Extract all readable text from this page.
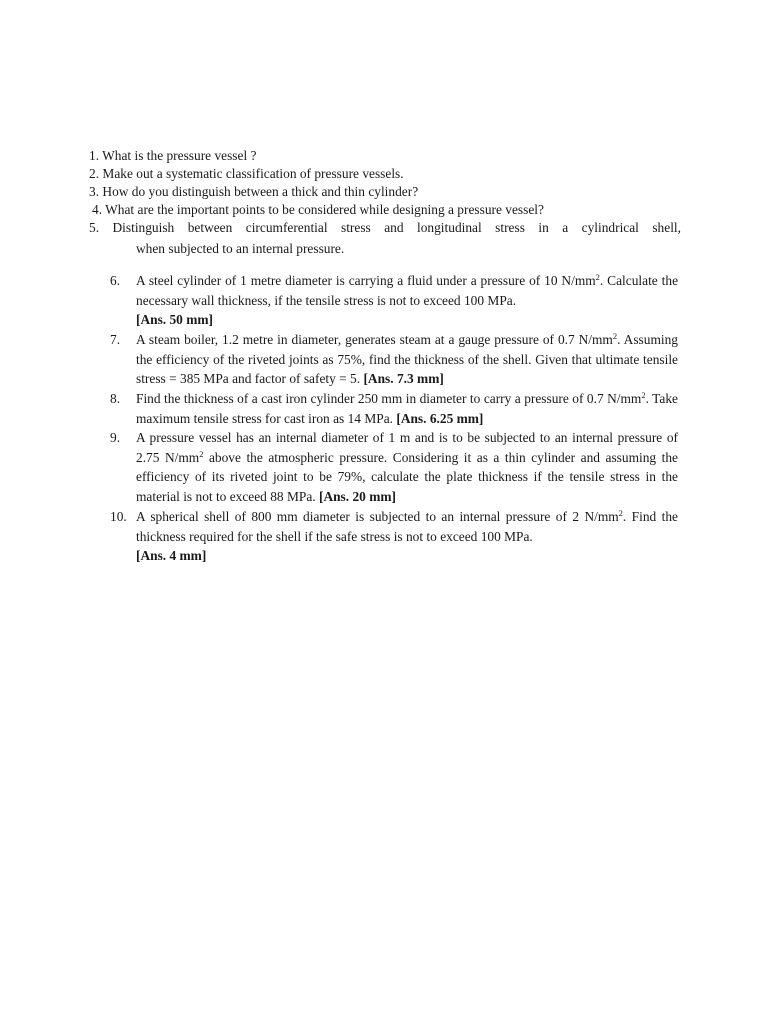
1. What is the pressure vessel ?
2. Make out a systematic classification of pressure vessels.
3. How do you distinguish between a thick and thin cylinder?
4. What are the important points to be considered while designing a pressure vessel?
5. Distinguish between circumferential stress and longitudinal stress in a cylindrical shell,
when subjected to an internal pressure.
6. A steel cylinder of 1 metre diameter is carrying a fluid under a pressure of 10 $N/mm^2$. Calculate the necessary wall thickness, if the tensile stress is not to exceed 100 MPa.
[Ans. 50 mm]
7. A steam boiler, 1.2 metre in diameter, generates steam at a gauge pressure of 0.7 $N/mm^2$. Assuming the efficiency of the riveted joints as 75%, find the thickness of the shell. Given that ultimate tensile stress = 385 MPa and factor of safety = 5. [Ans. 7.3 mm]
8. Find the thickness of a cast iron cylinder 250 mm in diameter to carry a pressure of 0.7 $N/mm^2$. Take maximum tensile stress for cast iron as 14 MPa. [Ans. 6.25 mm]
9. A pressure vessel has an internal diameter of 1 m and is to be subjected to an internal pressure of 2.75 $N/mm^2$ above the atmospheric pressure. Considering it as a thin cylinder and assuming the efficiency of its riveted joint to be 79%, calculate the plate thickness if the tensile stress in the material is not to exceed 88 MPa. [Ans. 20 mm]
10. A spherical shell of 800 mm diameter is subjected to an internal pressure of 2 $N/mm^2$. Find the thickness required for the shell if the safe stress is not to exceed 100 MPa.
[Ans. 4 mm]
